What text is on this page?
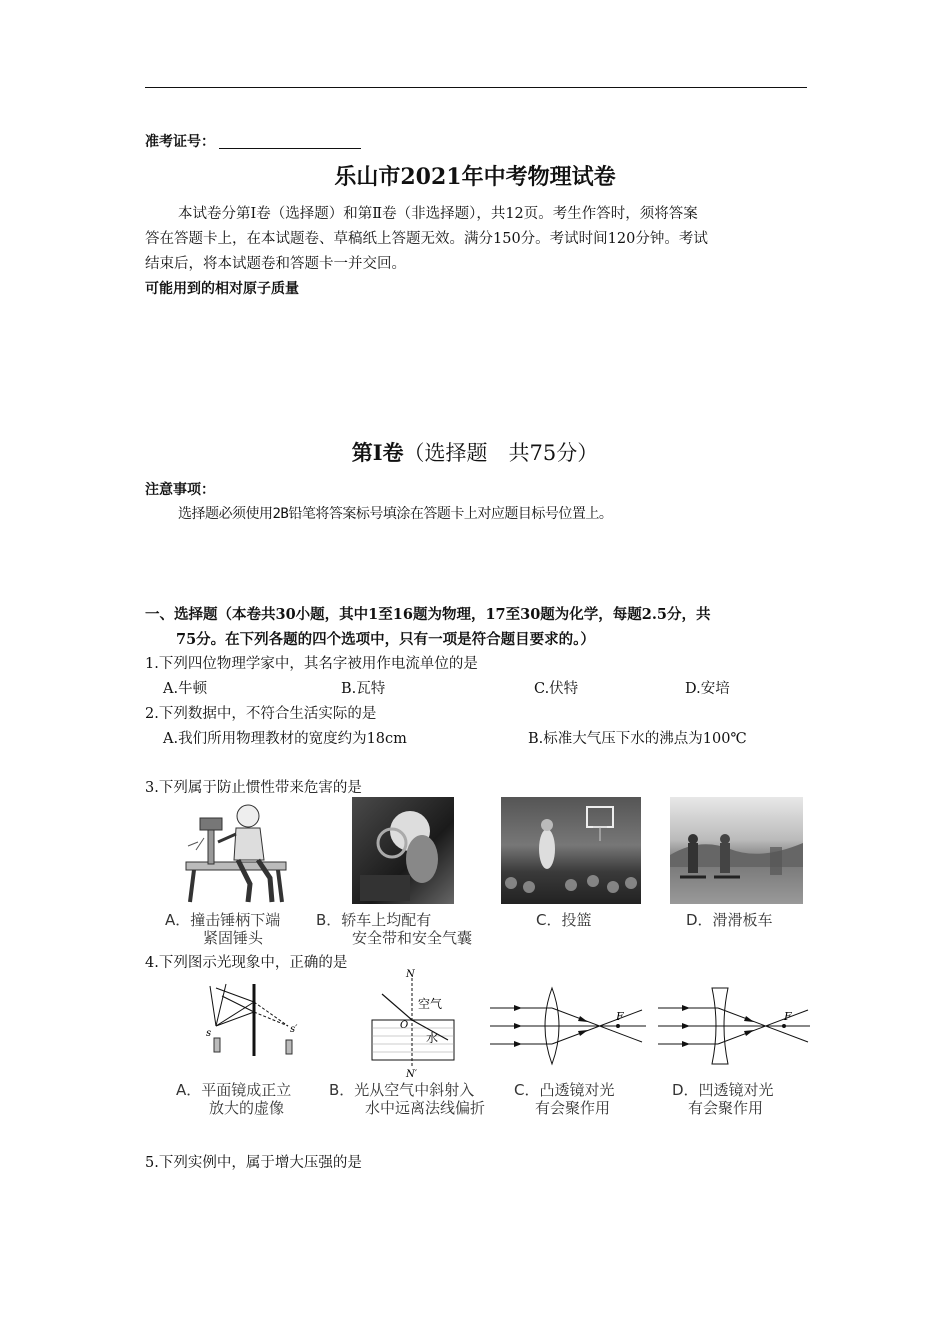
准考证号：
乐山市2021年中考物理试卷

本试卷分第Ⅰ卷（选择题）和第Ⅱ卷（非选择题），共12页。考生作答时，须将答案

答在答题卡上，在本试题卷、草稿纸上答题无效。满分150分。考试时间120分钟。考试
结束后，将本试题卷和答题卡一并交回。
可能用到的相对原子质量
第Ⅰ卷（选择题　共75分）
注意事项：
选择题必须使用2B铅笔将答案标号填涂在答题卡上对应题目标号位置上。
一、选择题（本卷共30小题，其中1至16题为物理，17至30题为化学，每题2.5分，共
75分。在下列各题的四个选项中，只有一项是符合题目要求的。）
1.下列四位物理学家中，其名字被用作电流单位的是
A.牛顿	B.瓦特	C.伏特	D.安培
2.下列数据中，不符合生活实际的是
A.我们所用物理教材的宽度约为18cm	B.标准大气压下水的沸点为100℃
3.下列属于防止惯性带来危害的是
A．撞击锤柄下端
紧固锤头
B．轿车上均配有
安全带和安全气囊
C．投篮	D．滑滑板车
4.下列图示光现象中，正确的是
s	s′
A．平面镜成正立
放大的虚像
N
N′
空气
水
O
B．光从空气中斜射入
水中远离法线偏折
F
C．凸透镜对光
有会聚作用
F
D．凹透镜对光
有会聚作用
5.下列实例中，属于增大压强的是
